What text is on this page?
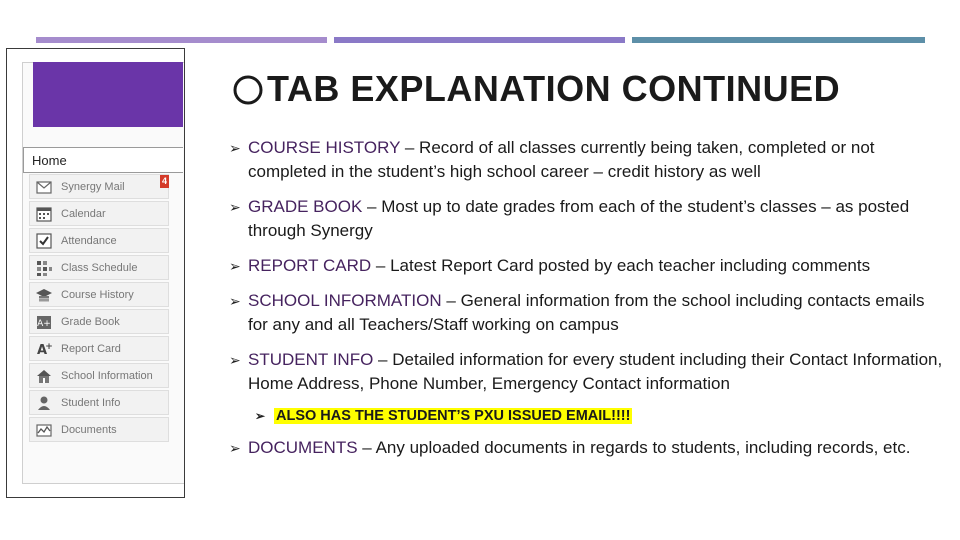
Home
Synergy Mail	4
Calendar
Attendance
Class Schedule
Course History
A+ Grade Book
A
+ Report Card
School Information
Student Info
Documents
TAB EXPLANATION CONTINUED
➢ COURSE HISTORY – Record of all classes currently being taken, completed or not completed in the student’s high school career – credit history as well
➢ GRADE BOOK – Most up to date grades from each of the student’s classes – as posted through Synergy
➢ REPORT CARD – Latest Report Card posted by each teacher including comments
➢ SCHOOL INFORMATION – General information from the school including contacts emails for any and all Teachers/Staff working on campus
➢ STUDENT INFO – Detailed information for every student including their Contact Information, Home Address, Phone Number, Emergency Contact information
➢ ALSO HAS THE STUDENT’S PXU ISSUED EMAIL!!!!
➢ DOCUMENTS – Any uploaded documents in regards to students, including records, etc.
